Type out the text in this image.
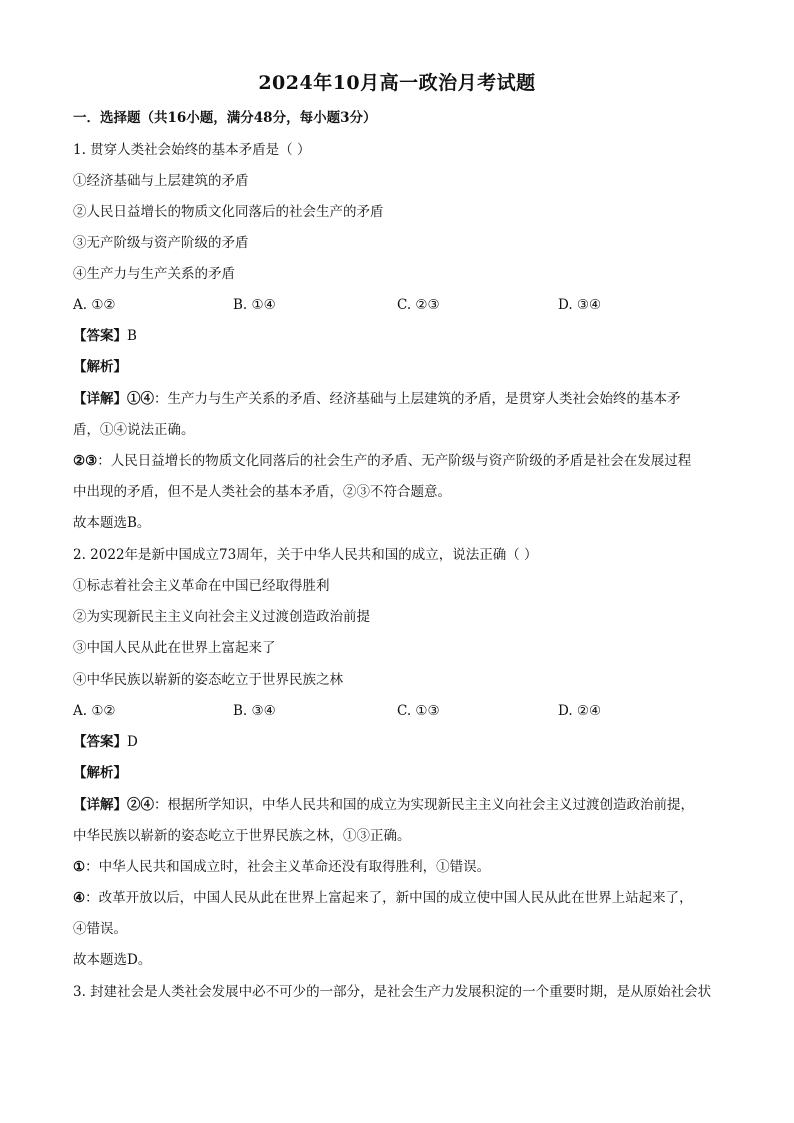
2024年10月高一政治月考试题
一．选择题（共16小题，满分48分，每小题3分）
1. 贯穿人类社会始终的基本矛盾是（ ）
①经济基础与上层建筑的矛盾
②人民日益增长的物质文化同落后的社会生产的矛盾
③无产阶级与资产阶级的矛盾
④生产力与生产关系的矛盾
A. ①②	B. ①④	C. ②③	D. ③④
【答案】B
【解析】
【详解】①④：生产力与生产关系的矛盾、经济基础与上层建筑的矛盾，是贯穿人类社会始终的基本矛
盾，①④说法正确。
②③：人民日益增长的物质文化同落后的社会生产的矛盾、无产阶级与资产阶级的矛盾是社会在发展过程
中出现的矛盾，但不是人类社会的基本矛盾，②③不符合题意。
故本题选B。
2. 2022年是新中国成立73周年，关于中华人民共和国的成立，说法正确（ ）
①标志着社会主义革命在中国已经取得胜利
②为实现新民主主义向社会主义过渡创造政治前提
③中国人民从此在世界上富起来了
④中华民族以崭新的姿态屹立于世界民族之林
A. ①②	B. ③④	C. ①③	D. ②④
【答案】D
【解析】
【详解】②④：根据所学知识，中华人民共和国的成立为实现新民主主义向社会主义过渡创造政治前提，
中华民族以崭新的姿态屹立于世界民族之林，①③正确。
①：中华人民共和国成立时，社会主义革命还没有取得胜利，①错误。
④：改革开放以后，中国人民从此在世界上富起来了，新中国的成立使中国人民从此在世界上站起来了，
④错误。
故本题选D。
3. 封建社会是人类社会发展中必不可少的一部分，是社会生产力发展积淀的一个重要时期，是从原始社会状
